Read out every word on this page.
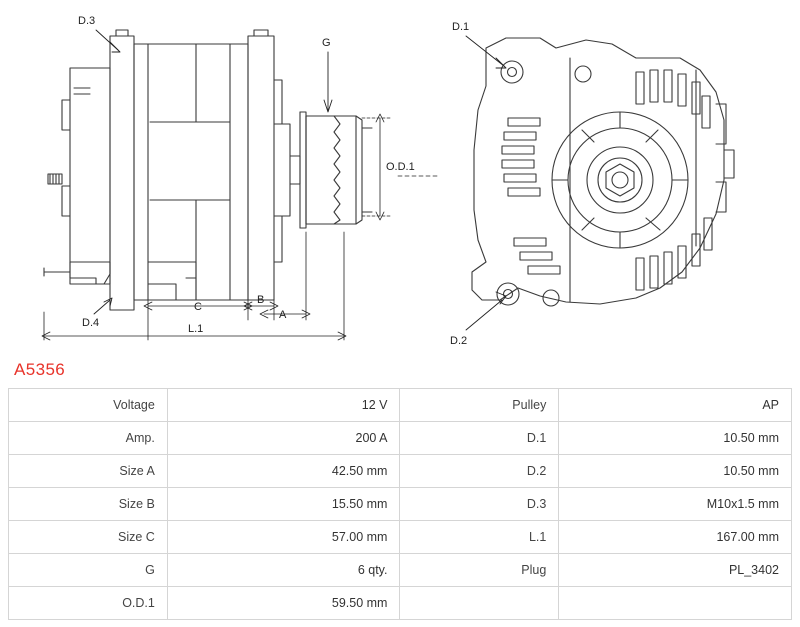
D.3
D.4
G
O.D.1
A
B
C
L.1
D.1
D.2
A5356
Voltage	12 V	Pulley	AP
Amp.	200 A	D.1	10.50 mm
Size A	42.50 mm	D.2	10.50 mm
Size B	15.50 mm	D.3	M10x1.5 mm
Size C	57.00 mm	L.1	167.00 mm
G	6 qty.	Plug	PL_3402
O.D.1	59.50 mm		
